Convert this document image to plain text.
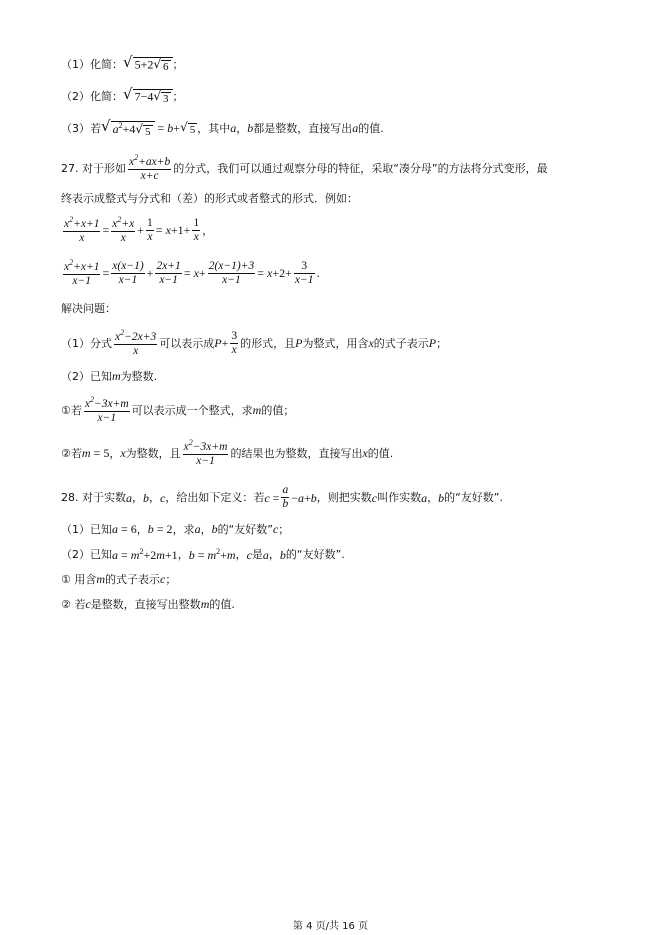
（1）化简： √ 5+2 √ 6 ；
（2）化简： √ 7−4 √ 3 ；
（3）若 √ $a^2+4$ √ 5 = b+ √ 5 ，其中 a ， b 都是整数，直接写出 a 的值.
27. 对于形如 $\frac{x^2+ax+b}{x+c}$ 的分式，我们可以通过观察分母的特征，采取“凑分母”的方法将分式变形，最
终表示成整式与分式和（差）的形式或者整式的形式．例如：
$\frac{x^2+x+1}{x} = \frac{x^2+x}{x} + \frac{1}{x} = x+1+ \frac{1}{x}$ ，
$\frac{x^2+x+1}{x-1} = \frac{x(x-1)}{x-1} + \frac{2x+1}{x-1} = x+ \frac{2(x-1)+3}{x-1} = x+2+ \frac{3}{x-1}$ .
解决问题：
（1）分式 $\frac{x^2-2x+3}{x}$ 可以表示成 $P+ \frac{3}{x}$ 的形式，且 P 为整式，用含 x 的式子表示 P ；
（2）已知 m 为整数.
①若 $\frac{x^2-3x+m}{x-1}$ 可以表示成一个整式，求 m 的值；
②若 m = 5 ， x 为整数，且 $\frac{x^2-3x+m}{x-1}$ 的结果也为整数，直接写出 x 的值.
28. 对于实数 a ， b ， c ，给出如下定义：若 $c = \frac{a}{b} -a+b$ ，则把实数 c 叫作实数 a ， b 的“友好数”.
（1）已知 a = 6 ， b = 2 ，求 a ， b 的“友好数” c ；
（2）已知 $a = m^2+2m+1$ ， $b = m^2+m$ ， c 是 a ， b 的“友好数”.
① 用含 m 的式子表示 c ；
② 若 c 是整数，直接写出整数 m 的值.
第 4 页/共 16 页
